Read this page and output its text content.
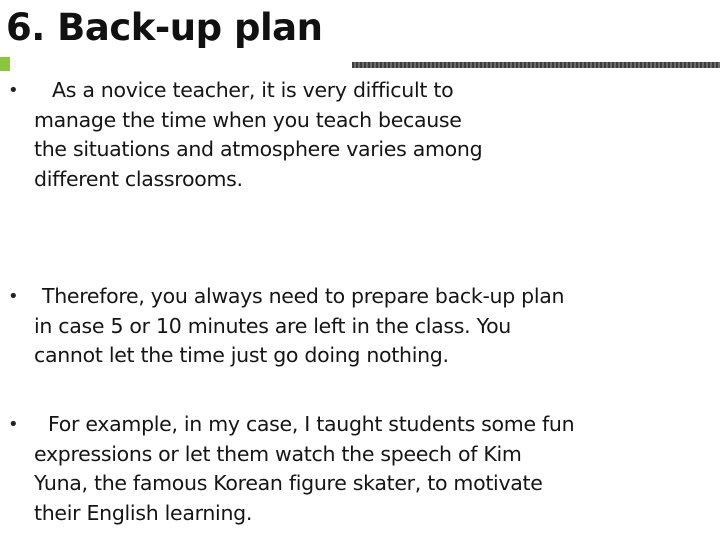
6. Back-up plan
•	As a novice teacher, it is very difficult to
manage the time when you teach because
the situations and atmosphere varies among
different classrooms.
•	Therefore, you always need to prepare back-up plan
in case 5 or 10 minutes are left in the class. You
cannot let the time just go doing nothing.
•	For example, in my case, I taught students some fun
expressions or let them watch the speech of Kim
Yuna, the famous Korean figure skater, to motivate
their English learning.
